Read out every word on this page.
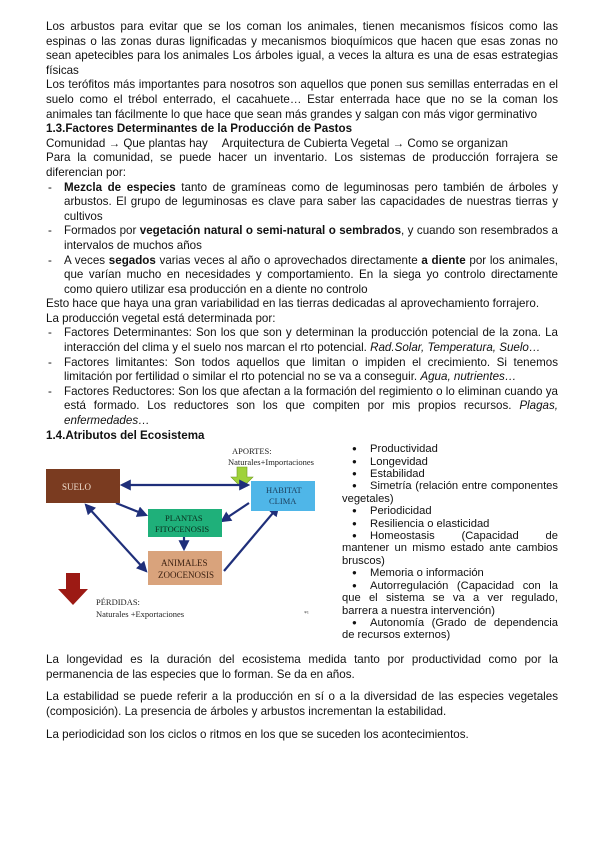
Los arbustos para evitar que se los coman los animales, tienen mecanismos físicos como las espinas o las zonas duras lignificadas y mecanismos bioquímicos que hacen que esas zonas no sean apetecibles para los animales Los árboles igual, a veces la altura es una de esas estrategias físicas

Los terófitos más importantes para nosotros son aquellos que ponen sus semillas enterradas en el suelo como el trébol enterrado, el cacahuete… Estar enterrada hace que no se la coman los animales tan fácilmente lo que hace que sean más grandes y salgan con más vigor germinativo

1.3.Factores Determinantes de la Producción de Pastos

Comunidad → Que plantas hay Arquitectura de Cubierta Vegetal → Como se organizan

Para la comunidad, se puede hacer un inventario. Los sistemas de producción forrajera se diferencian por:

- Mezcla de especies tanto de gramíneas como de leguminosas pero también de árboles y arbustos. El grupo de leguminosas es clave para saber las capacidades de nuestras tierras y cultivos
- Formados por vegetación natural o semi-natural o sembrados, y cuando son resembrados a intervalos de muchos años
- A veces segados varias veces al año o aprovechados directamente a diente por los animales, que varían mucho en necesidades y comportamiento. En la siega yo controlo directamente como quiero utilizar esa producción en a diente no controlo

Esto hace que haya una gran variabilidad en las tierras dedicadas al aprovechamiento forrajero.

La producción vegetal está determinada por:

- Factores Determinantes: Son los que son y determinan la producción potencial de la zona. La interacción del clima y el suelo nos marcan el rto potencial. Rad.Solar, Temperatura, Suelo…
- Factores limitantes: Son todos aquellos que limitan o impiden el crecimiento. Si tenemos limitación por fertilidad o similar el rto potencial no se va a conseguir. Agua, nutrientes…
- Factores Reductores: Son los que afectan a la formación del regimiento o lo eliminan cuando ya está formado. Los reductores son los que compiten por mis propios recursos. Plagas, enfermedades…

1.4.Atributos del Ecosistema

APORTES:
Naturales+Importaciones
SUELO	HABITAT
CLIMA
PLANTAS
FITOCENOSIS
ANIMALES
ZOOCENOSIS
PÉRDIDAS:
Naturales +Exportaciones	*¹
● Productividad
● Longevidad
● Estabilidad
● Simetría (relación entre componentes vegetales)
● Periodicidad
● Resiliencia o elasticidad
● Homeostasis (Capacidad de mantener un mismo estado ante cambios bruscos)
● Memoria o información
● Autorregulación (Capacidad con la que el sistema se va a ver regulado, barrera a nuestra intervención)
● Autonomía (Grado de dependencia de recursos externos)

La longevidad es la duración del ecosistema medida tanto por productividad como por la permanencia de las especies que lo forman. Se da en años.

La estabilidad se puede referir a la producción en sí o a la diversidad de las especies vegetales (composición). La presencia de árboles y arbustos incrementan la estabilidad.

La periodicidad son los ciclos o ritmos en los que se suceden los acontecimientos.
